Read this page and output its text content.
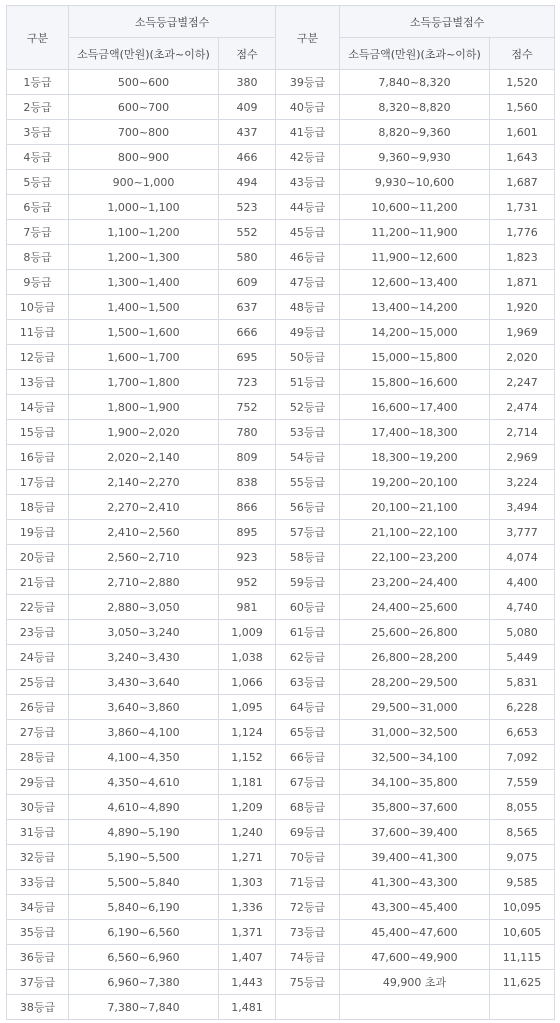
구분	소득등급별점수		구분	소득등급별점수	
	소득금액(만원)(초과~이하)	점수		소득금액(만원)(초과~이하)	점수
1등급	500~600	380	39등급	7,840~8,320	1,520
2등급	600~700	409	40등급	8,320~8,820	1,560
3등급	700~800	437	41등급	8,820~9,360	1,601
4등급	800~900	466	42등급	9,360~9,930	1,643
5등급	900~1,000	494	43등급	9,930~10,600	1,687
6등급	1,000~1,100	523	44등급	10,600~11,200	1,731
7등급	1,100~1,200	552	45등급	11,200~11,900	1,776
8등급	1,200~1,300	580	46등급	11,900~12,600	1,823
9등급	1,300~1,400	609	47등급	12,600~13,400	1,871
10등급	1,400~1,500	637	48등급	13,400~14,200	1,920
11등급	1,500~1,600	666	49등급	14,200~15,000	1,969
12등급	1,600~1,700	695	50등급	15,000~15,800	2,020
13등급	1,700~1,800	723	51등급	15,800~16,600	2,247
14등급	1,800~1,900	752	52등급	16,600~17,400	2,474
15등급	1,900~2,020	780	53등급	17,400~18,300	2,714
16등급	2,020~2,140	809	54등급	18,300~19,200	2,969
17등급	2,140~2,270	838	55등급	19,200~20,100	3,224
18등급	2,270~2,410	866	56등급	20,100~21,100	3,494
19등급	2,410~2,560	895	57등급	21,100~22,100	3,777
20등급	2,560~2,710	923	58등급	22,100~23,200	4,074
21등급	2,710~2,880	952	59등급	23,200~24,400	4,400
22등급	2,880~3,050	981	60등급	24,400~25,600	4,740
23등급	3,050~3,240	1,009	61등급	25,600~26,800	5,080
24등급	3,240~3,430	1,038	62등급	26,800~28,200	5,449
25등급	3,430~3,640	1,066	63등급	28,200~29,500	5,831
26등급	3,640~3,860	1,095	64등급	29,500~31,000	6,228
27등급	3,860~4,100	1,124	65등급	31,000~32,500	6,653
28등급	4,100~4,350	1,152	66등급	32,500~34,100	7,092
29등급	4,350~4,610	1,181	67등급	34,100~35,800	7,559
30등급	4,610~4,890	1,209	68등급	35,800~37,600	8,055
31등급	4,890~5,190	1,240	69등급	37,600~39,400	8,565
32등급	5,190~5,500	1,271	70등급	39,400~41,300	9,075
33등급	5,500~5,840	1,303	71등급	41,300~43,300	9,585
34등급	5,840~6,190	1,336	72등급	43,300~45,400	10,095
35등급	6,190~6,560	1,371	73등급	45,400~47,600	10,605
36등급	6,560~6,960	1,407	74등급	47,600~49,900	11,115
37등급	6,960~7,380	1,443	75등급	49,900 초과	11,625
38등급	7,380~7,840	1,481			
